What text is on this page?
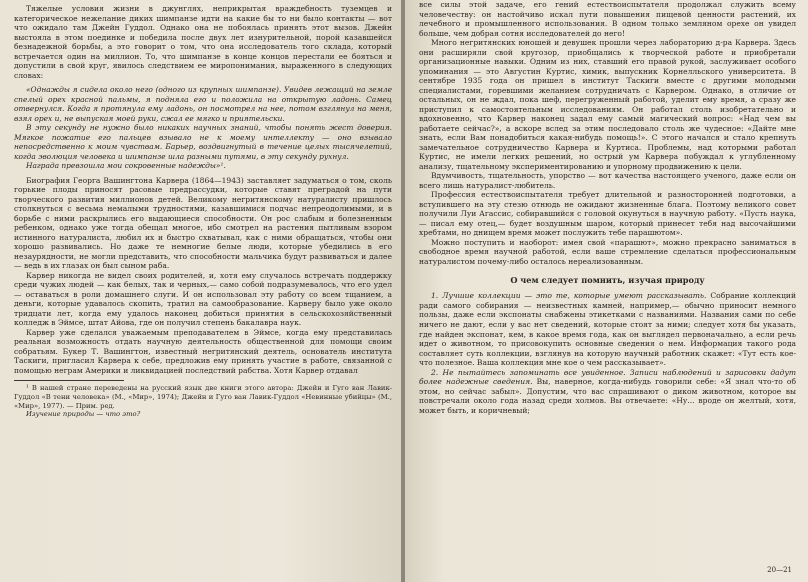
Тяжелые условия жизни в джунглях, неприкрытая враждебность туземцев и категорическое нежелание диких шимпанзе идти на какие бы то ни было контакты — вот что ожидало там Джейн Гуддол. Однако она не побоялась принять этот вызов. Джейн выстояла в этом поединке и победила после двух лет изнурительной, порой казавшейся безнадежной борьбы, а это говорит о том, что она исследователь того склада, который встречается один на миллион. То, что шимпанзе в конце концов перестали ее бояться и допустили в свой круг, явилось следствием ее миропонимания, выраженного в следующих словах:

«Однажды я сидела около него (одного из крупных шимпанзе). Увидев лежащий на земле спелый орех красной пальмы, я подняла его и положила на открытую ладонь. Самец отвернулся. Когда я протянула ему ладонь, он посмотрел на нее, потом взглянул на меня, взял орех и, не выпуская моей руки, сжал ее мягко и приятельски.

В эту секунду не нужно было никаких научных знаний, чтобы понять жест доверия. Мягкое пожатие его пальцев взывало не к моему интеллекту — оно взывало непосредственно к моим чувствам. Барьер, воздвигнутый в течение целых тысячелетий, когда эволюция человека и шимпанзе шла разными путями, в эту секунду рухнул.

Награда превзошла мои сокровенные надежды»¹.

Биография Георга Вашингтона Карвера (1864—1943) заставляет задуматься о том, сколь горькие плоды приносят расовые предрассудки, которые ставят преградой на пути творческого развития миллионов детей. Великому негритянскому натуралисту пришлось столкнуться с весьма немалыми трудностями, казавшимися подчас непреодолимыми, и в борьбе с ними раскрылись его выдающиеся способности. Он рос слабым и болезненным ребенком, однако уже тогда обещал многое, ибо смотрел на растения пытливым взором истинного натуралиста, любил их и быстро схватывал, как с ними обращаться, чтобы они хорошо развивались. Но даже те немногие белые люди, которые убедились в его незаурядности, не могли представить, что способности мальчика будут развиваться и далее — ведь в их глазах он был сыном раба.

Карвер никогда не видел своих родителей, и, хотя ему случалось встречать поддержку среди чужих людей — как белых, так и черных,— само собой подразумевалось, что его удел — оставаться в роли домашнего слуги. И он использовал эту работу со всем тщанием, а деньги, которые удавалось скопить, тратил на самообразование. Карверу было уже около тридцати лет, когда ему удалось наконец добиться принятия в сельскохозяйственный колледж в Эймсе, штат Айова, где он получил степень бакалавра наук.

Карвер уже сделался уважаемым преподавателем в Эймсе, когда ему представилась реальная возможность отдать научную деятельность общественной для помощи своим собратьям. Букер Т. Вашингтон, известный негритянский деятель, основатель института Таскиги, пригласил Карвера к себе, предложив ему принять участие в работе, связанной с помощью неграм Америки и ликвидацией последствий рабства. Хотя Карвер отдавал

¹ В нашей стране переведены на русский язык две книги этого автора: Джейн и Гуго ван Лавик-Гуддол «В тени человека» (М., «Мир», 1974); Джейн и Гуго ван Лавик-Гуддол «Невинные убийцы» (М., «Мир», 1977). — Прим. ред.

Изучение природы — что это?

все силы этой задаче, его гений естествоиспытателя продолжал служить всему человечеству: он настойчиво искал пути повышения пищевой ценности растений, их лечебного и промышленного использования. В одном только земляном орехе он увидел больше, чем добрая сотня исследователей до него!

Много негритянских юношей и девушек прошли через лабораторию д-ра Карвера. Здесь они расширяли свой кругозор, приобщались к творческой работе и приобретали организационные навыки. Одним из них, ставший его правой рукой, заслуживает особого упоминания — это Августин Куртис, химик, выпускник Корнелльского университета. В сентябре 1935 года он пришел в институт Таскиги вместе с другими молодыми специалистами, горевшими желанием сотрудничать с Карвером. Однако, в отличие от остальных, он не ждал, пока шеф, перегруженный работой, уделит ему время, а сразу же приступил к самостоятельным исследованиям. Он работал столь изобретательно и вдохновенно, что Карвер наконец задал ему самый магический вопрос: «Над чем вы работаете сейчас?», а вскоре вслед за этим последовало столь же чудесное: «Дайте мне знать, если Вам понадобиться какая-нибудь помощь!». С этого начался и стало крепнуть замечательное сотрудничество Карвера и Куртиса. Проблемы, над которыми работал Куртис, не имели легких решений, но острый ум Карвера побуждал к углубленному анализу, тщательному экспериментированию и упорному продвижению к цели.

Вдумчивость, тщательность, упорство — вот качества настоящего ученого, даже если он всего лишь натуралист-любитель.

Профессия естествоиспытателя требует длительной и разносторонней подготовки, а вступившего на эту стезю отнюдь не ожидают жизненные блага. Поэтому великого совет получили Луи Агассис, собиравшийся с головой окунуться в научную работу. «Пусть наука,— писал ему отец,— будет воздушным шаром, который принесет тебя над высочайшими хребтами, но днищем время может послужить тебе парашютом».

Можно поступить и наоборот: имея свой «парашют», можно прекрасно заниматься в свободное время научной работой, если ваше стремление сделаться профессиональным натуралистом почему-либо осталось нереализованным.

О чем следует помнить, изучая природу

1. Лучшие коллекции — это те, которые умеют рассказывать. Собрание коллекций ради самого собирания — неизвестных камней, например,— обычно приносит немного пользы, даже если экспонаты снабжены этикетками с названиями. Названия сами по себе ничего не дают, если у вас нет сведений, которые стоят за ними; следует хотя бы указать, где найден экспонат, кем, в какое время года, как он выглядел первоначально, а если речь идет о животном, то присовокупить основные сведения о нем. Информация такого рода составляет суть коллекции, взглянув на которую научный работник скажет: «Тут есть кое-что полезное. Ваша коллекция мне кое о чем рассказывает».

2. Не пытайтесь запоминать все увиденное. Записи наблюдений и зарисовки дадут более надежные сведения. Вы, наверное, когда-нибудь говорили себе: «Я знал что-то об этом, но сейчас забыл». Допустим, что вас спрашивают о диком животном, которое вы повстречали около года назад среди холмов. Вы отвечаете: «Ну... вроде он желтый, хотя, может быть, и коричневый;

20—21
